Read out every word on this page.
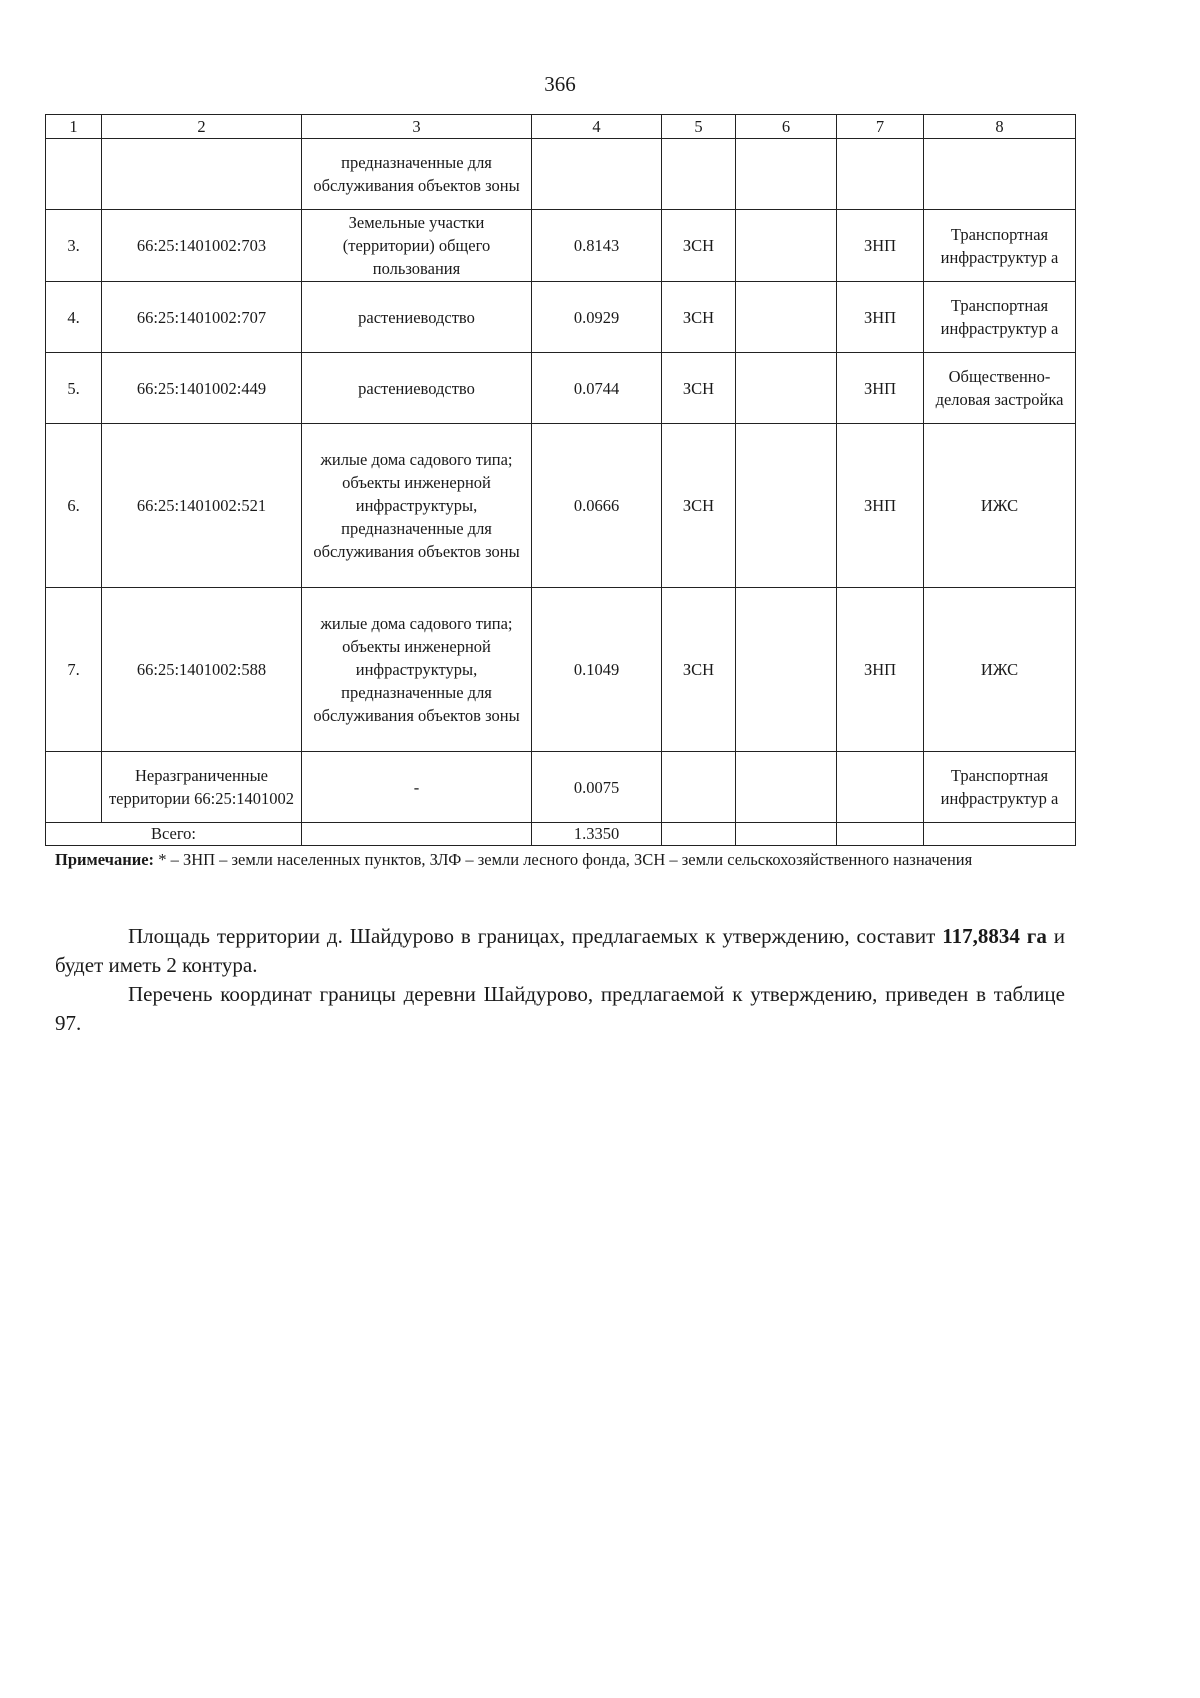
366
1	2	3	4	5	6	7	8
		предназначенные для обслуживания объектов зоны					
3.	66:25:1401002:703	Земельные участки (территории) общего пользования	0.8143	ЗСН		ЗНП	Транспортная инфраструктур а
4.	66:25:1401002:707	растениеводство	0.0929	ЗСН		ЗНП	Транспортная инфраструктур а
5.	66:25:1401002:449	растениеводство	0.0744	ЗСН		ЗНП	Общественно-деловая застройка
6.	66:25:1401002:521	жилые дома садового типа; объекты инженерной инфраструктуры, предназначенные для обслуживания объектов зоны	0.0666	ЗСН		ЗНП	ИЖС
7.	66:25:1401002:588	жилые дома садового типа; объекты инженерной инфраструктуры, предназначенные для обслуживания объектов зоны	0.1049	ЗСН		ЗНП	ИЖС
	Неразграниченные территории 66:25:1401002	-	0.0075				Транспортная инфраструктур а
Всего:			1.3350				
Примечание: * – ЗНП – земли населенных пунктов, ЗЛФ – земли лесного фонда, ЗСН – земли сельскохозяйственного назначения

Площадь территории д. Шайдурово в границах, предлагаемых к утверждению, составит 117,8834 га и будет иметь 2 контура.

Перечень координат границы деревни Шайдурово, предлагаемой к утверждению, приведен в таблице 97.
